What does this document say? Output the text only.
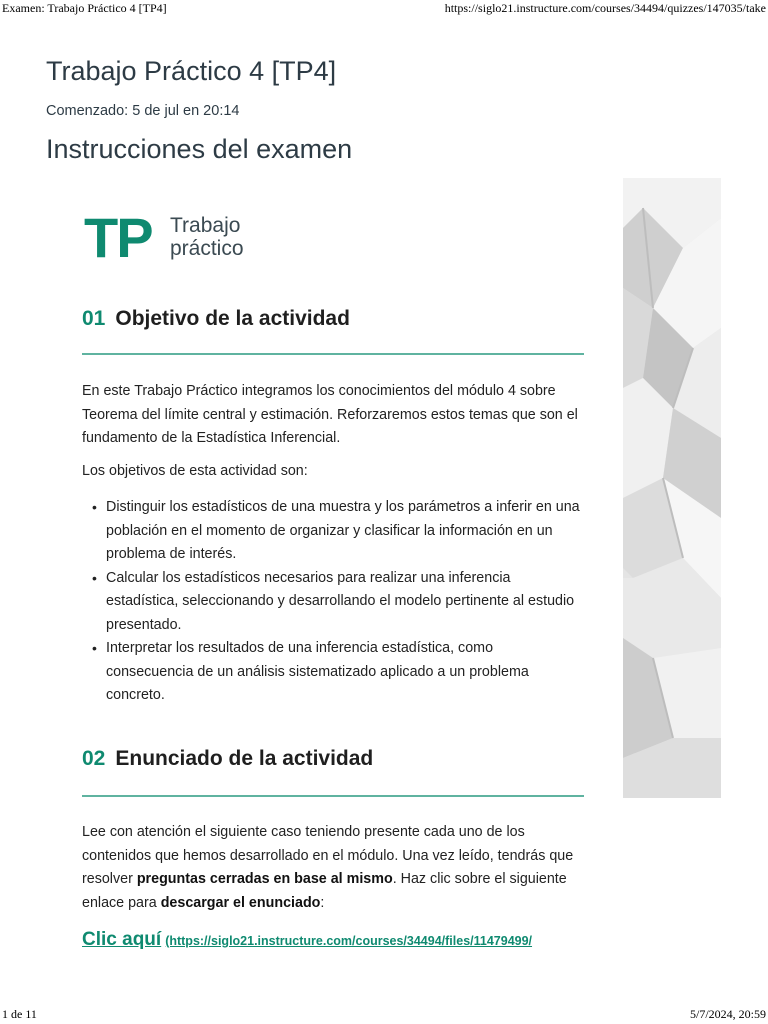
Examen: Trabajo Práctico 4 [TP4]	https://siglo21.instructure.com/courses/34494/quizzes/147035/take
Trabajo Práctico 4 [TP4]
Comenzado: 5 de jul en 20:14
Instrucciones del examen
TP Trabajo
práctico
01 Objetivo de la actividad

En este Trabajo Práctico integramos los conocimientos del módulo 4 sobre Teorema del límite central y estimación. Reforzaremos estos temas que son el fundamento de la Estadística Inferencial.

Los objetivos de esta actividad son:

• Distinguir los estadísticos de una muestra y los parámetros a inferir en una población en el momento de organizar y clasificar la información en un problema de interés.
• Calcular los estadísticos necesarios para realizar una inferencia estadística, seleccionando y desarrollando el modelo pertinente al estudio presentado.
• Interpretar los resultados de una inferencia estadística, como consecuencia de un análisis sistematizado aplicado a un problema concreto.
02 Enunciado de la actividad

Lee con atención el siguiente caso teniendo presente cada uno de los contenidos que hemos desarrollado en el módulo. Una vez leído, tendrás que resolver preguntas cerradas en base al mismo. Haz clic sobre el siguiente enlace para descargar el enunciado:

Clic aquí (https://siglo21.instructure.com/courses/34494/files/11479499/
1 de 11	5/7/2024, 20:59
